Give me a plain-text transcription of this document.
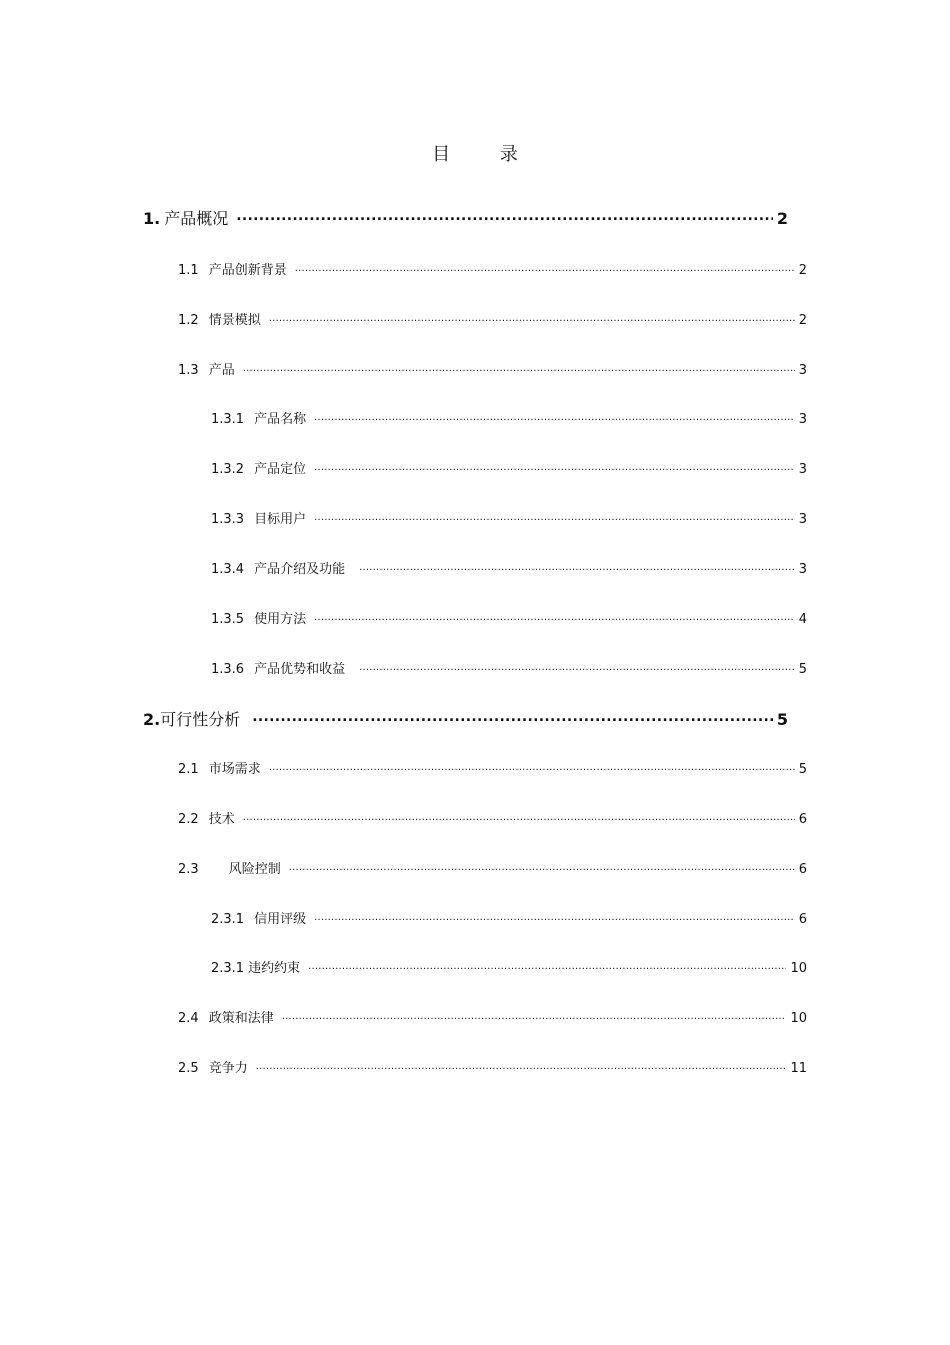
目 录
1. 产品概况 .....	2
1.1 产品创新背景 .....	2
1.2 情景模拟 .....	2
1.3 产品 .....	3
1.3.1 产品名称 .....	3
1.3.2 产品定位 .....	3
1.3.3 目标用户 .....	3
1.3.4 产品介绍及功能 .....	3
1.3.5 使用方法 .....	4
1.3.6 产品优势和收益 .....	5
2. 可行性分析 .....	5
2.1 市场需求 .....	5
2.2 技术 .....	6
2.3 风险控制 .....	6
2.3.1 信用评级 .....	6
2.3.1 违约约束 .....	10
2.4 政策和法律 .....	10
2.5 竞争力 .....	11
